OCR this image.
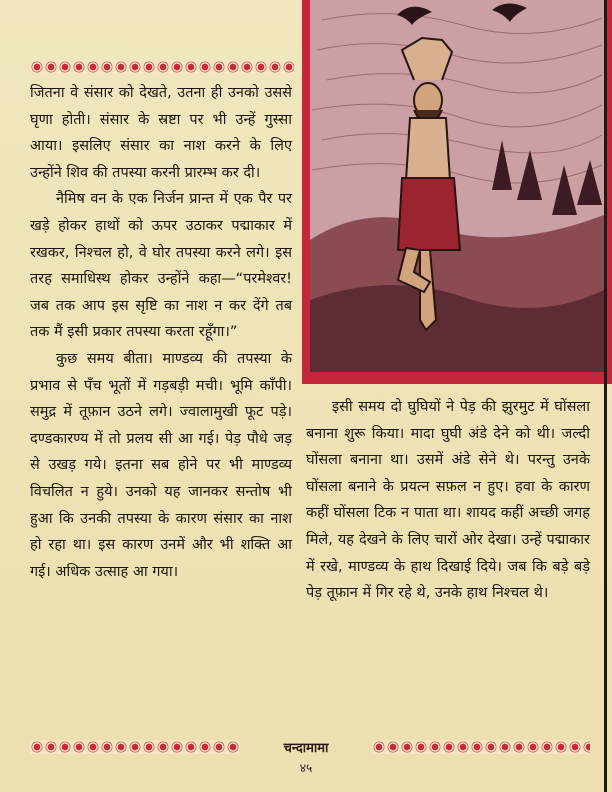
जितना वे संसार को देखते, उतना ही उनको उससे घृणा होती। संसार के स्रष्टा पर भी उन्हें गुस्सा आया। इसलिए संसार का नाश करने के लिए उन्होंने शिव की तपस्या करनी प्रारम्भ कर दी।

नैमिष वन के एक निर्जन प्रान्त में एक पैर पर खड़े होकर हाथों को ऊपर उठाकर पद्माकार में रखकर, निश्चल हो, वे घोर तपस्या करने लगे। इस तरह समाधिस्थ होकर उन्होंने कहा—“परमेश्वर! जब तक आप इस सृष्टि का नाश न कर देंगे तब तक मैं इसी प्रकार तपस्या करता रहूँगा।”

कुछ समय बीता। माण्डव्य की तपस्या के प्रभाव से पँच भूतों में गड़बड़ी मची। भूमि काँपी। समुद्र में तूफ़ान उठने लगे। ज्वालामुखी फूट पड़े। दण्डकारण्य में तो प्रलय सी आ गई। पेड़ पौधे जड़ से उखड़ गये। इतना सब होने पर भी माण्डव्य विचलित न हुये। उनको यह जानकर सन्तोष भी हुआ कि उनकी तपस्या के कारण संसार का नाश हो रहा था। इस कारण उनमें और भी शक्ति आ गई। अधिक उत्साह आ गया।

इसी समय दो घुघियों ने पेड़ की झुरमुट में घोंसला बनाना शुरू किया। मादा घुघी अंडे देने को थी। जल्दी घोंसला बनाना था। उसमें अंडे सेने थे। परन्तु उनके घोंसला बनाने के प्रयत्न सफ़ल न हुए। हवा के कारण कहीं घोंसला टिक न पाता था। शायद कहीं अच्छी जगह मिले, यह देखने के लिए चारों ओर देखा। उन्हें पद्माकार में रखे, माण्डव्य के हाथ दिखाई दिये। जब कि बड़े बड़े पेड़ तूफ़ान में गिर रहे थे, उनके हाथ निश्चल थे।

चन्दामामा
४५
